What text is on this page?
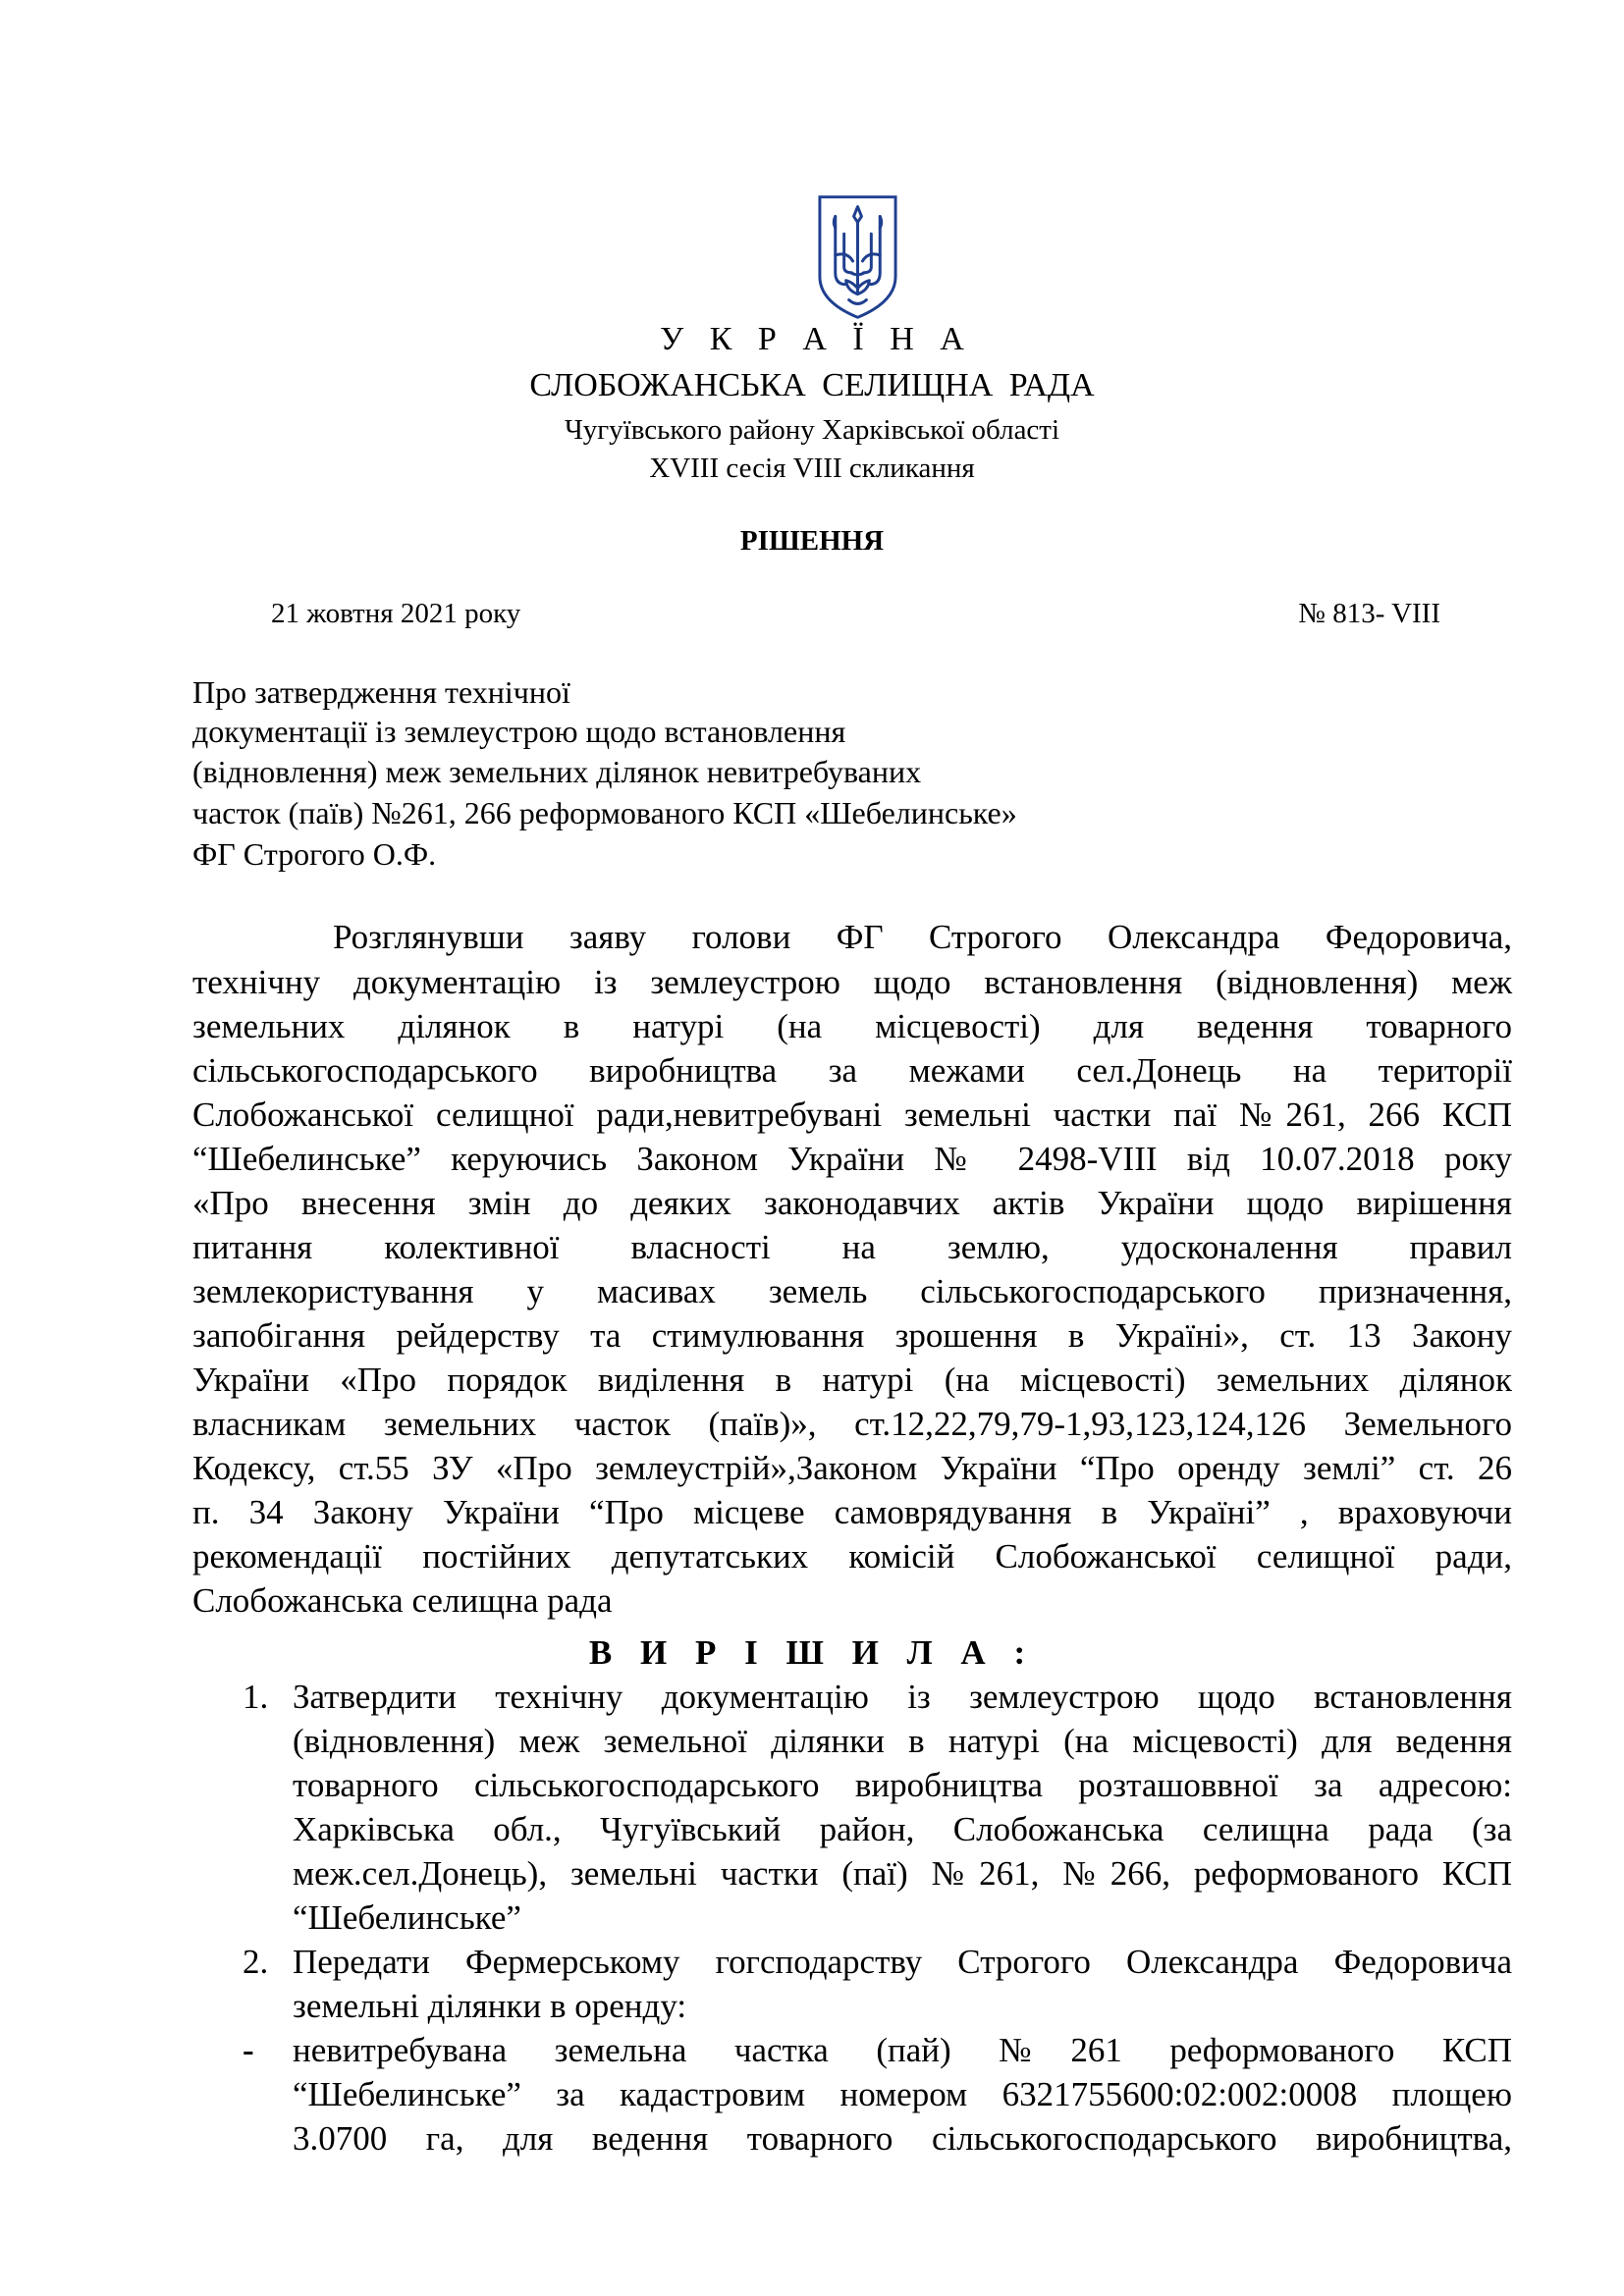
У К Р А Ї Н А
СЛОБОЖАНСЬКА СЕЛИЩНА РАДА
Чугуївського району Харківської області
XVIII сесія VIII скликання
РІШЕННЯ
21 жовтня 2021 року	№ 813- VIII
Про затвердження технічної
документації із землеустрою щодо встановлення
(відновлення) меж земельних ділянок невитребуваних
часток (паїв) №261, 266 реформованого КСП «Шебелинське»
ФГ Строгого О.Ф.
Розглянувши заяву голови ФГ Строгого Олександра Федоровича,
технічну документацію із землеустрою щодо встановлення (відновлення) меж
земельних ділянок в натурі (на місцевості) для ведення товарного
сільськогосподарського виробництва за межами сел.Донець на території
Слобожанської селищної ради,невитребувані земельні частки паї №261, 266 КСП
“Шебелинське” керуючись Законом України № 2498-VIII від 10.07.2018 року
«Про внесення змін до деяких законодавчих актів України щодо вирішення
питання колективної власності на землю, удосконалення правил
землекористування у масивах земель сільськогосподарського призначення,
запобігання рейдерству та стимулювання зрошення в Україні», ст. 13 Закону
України «Про порядок виділення в натурі (на місцевості) земельних ділянок
власникам земельних часток (паїв)», ст.12,22,79,79-1,93,123,124,126 Земельного
Кодексу, ст.55 ЗУ «Про землеустрій»,Законом України “Про оренду землі” ст. 26
п. 34 Закону України “Про місцеве самоврядування в Україні” , враховуючи
рекомендації постійних депутатських комісій Слобожанської селищної ради,
Слобожанська селищна рада
В И Р І Ш И Л А :
1. Затвердити технічну документацію із землеустрою щодо встановлення
(відновлення) меж земельної ділянки в натурі (на місцевості) для ведення
товарного сільськогосподарського виробництва розташоввної за адресою:
Харківська обл., Чугуївський район, Слобожанська селищна рада (за
меж.сел.Донець), земельні частки (паї) №261, №266, реформованого КСП
“Шебелинське”
2. Передати Фермерському гогсподарству Строгого Олександра Федоровича
земельні ділянки в оренду:
- невитребувана земельна частка (пай) №261 реформованого КСП
“Шебелинське” за кадастровим номером 6321755600:02:002:0008 площею
3.0700 га, для ведення товарного сільськогосподарського виробництва,
